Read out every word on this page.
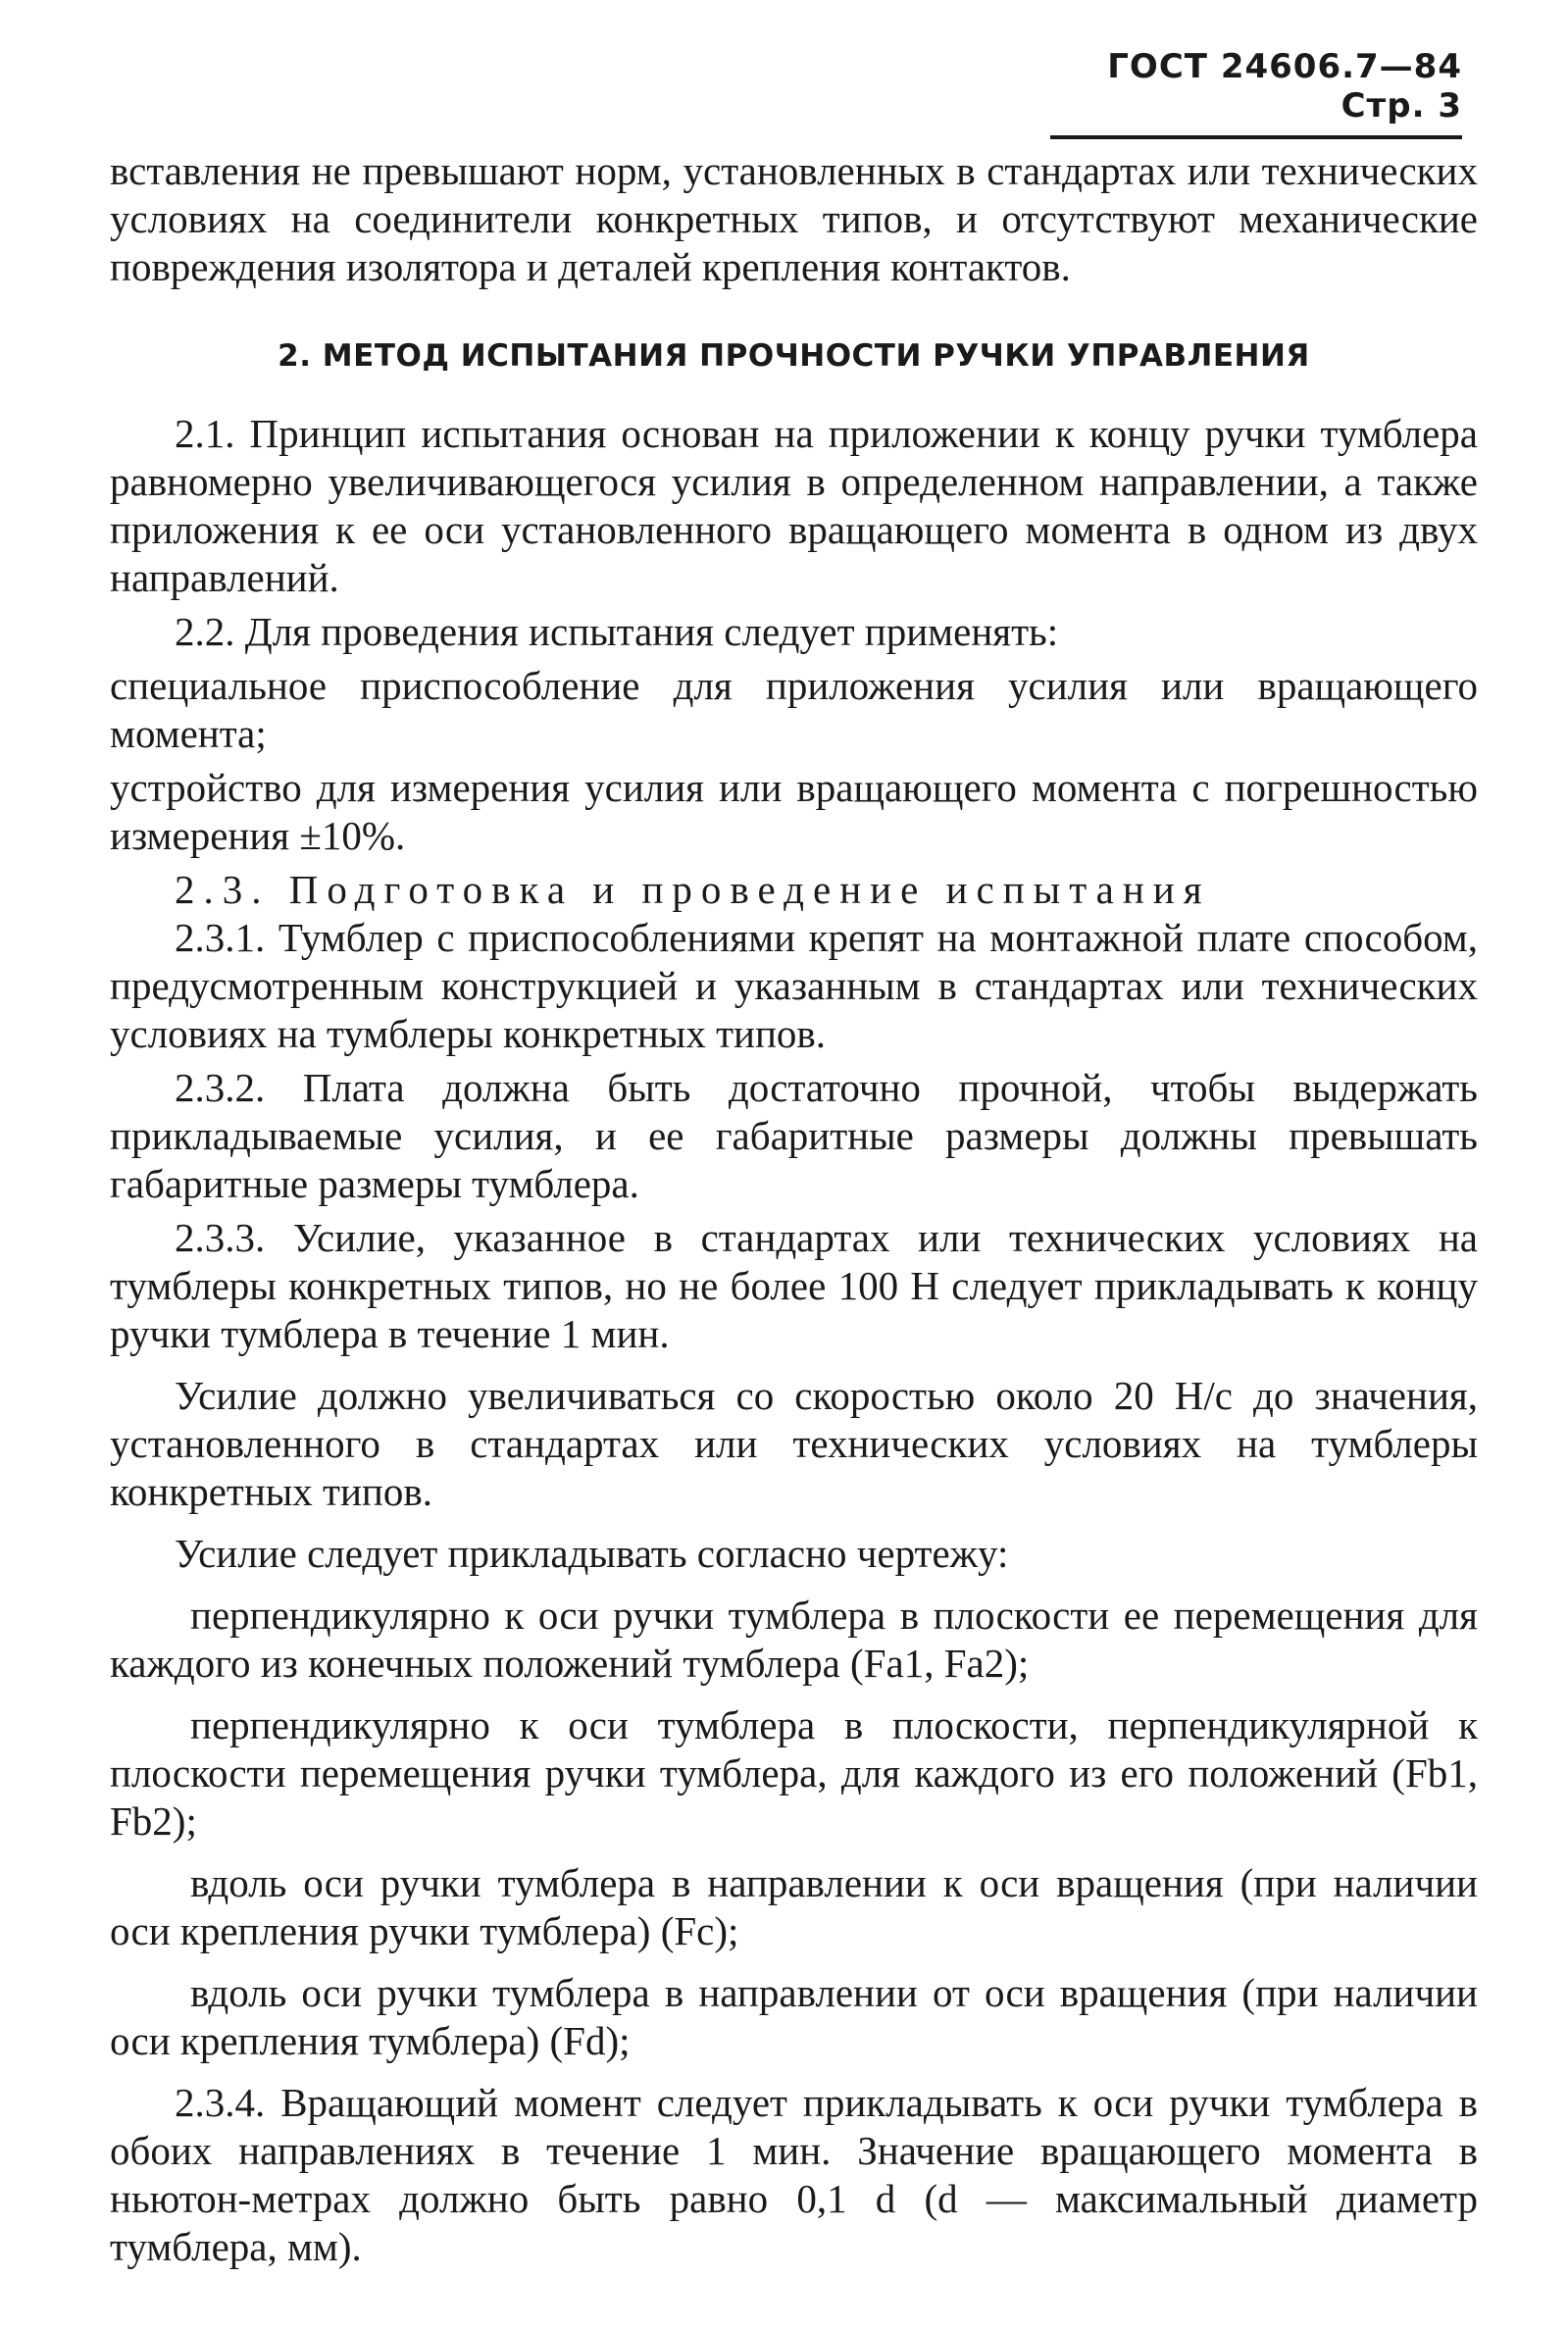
ГОСТ 24606.7—84 Стр. 3

вставления не превышают норм, установленных в стандартах или технических условиях на соединители конкретных типов, и отсутствуют механические повреждения изолятора и деталей крепления контактов.

2. МЕТОД ИСПЫТАНИЯ ПРОЧНОСТИ РУЧКИ УПРАВЛЕНИЯ

2.1. Принцип испытания основан на приложении к концу ручки тумблера равномерно увеличивающегося усилия в определенном направлении, а также приложения к ее оси установленного вращающего момента в одном из двух направлений.

2.2. Для проведения испытания следует применять:

специальное приспособление для приложения усилия или вращающего момента;

устройство для измерения усилия или вращающего момента с погрешностью измерения ±10%.

2.3. Подготовка и проведение испытания

2.3.1. Тумблер с приспособлениями крепят на монтажной плате способом, предусмотренным конструкцией и указанным в стандартах или технических условиях на тумблеры конкретных типов.

2.3.2. Плата должна быть достаточно прочной, чтобы выдержать прикладываемые усилия, и ее габаритные размеры должны превышать габаритные размеры тумблера.

2.3.3. Усилие, указанное в стандартах или технических условиях на тумблеры конкретных типов, но не более 100 Н следует прикладывать к концу ручки тумблера в течение 1 мин.

Усилие должно увеличиваться со скоростью около 20 Н/с до значения, установленного в стандартах или технических условиях на тумблеры конкретных типов.

Усилие следует прикладывать согласно чертежу:

перпендикулярно к оси ручки тумблера в плоскости ее перемещения для каждого из конечных положений тумблера (Fa1, Fa2);

перпендикулярно к оси тумблера в плоскости, перпендикулярной к плоскости перемещения ручки тумблера, для каждого из его положений (Fb1, Fb2);

вдоль оси ручки тумблера в направлении к оси вращения (при наличии оси крепления ручки тумблера) (Fc);

вдоль оси ручки тумблера в направлении от оси вращения (при наличии оси крепления тумблера) (Fd);

2.3.4. Вращающий момент следует прикладывать к оси ручки тумблера в обоих направлениях в течение 1 мин. Значение вращающего момента в ньютон-метрах должно быть равно 0,1 d (d — максимальный диаметр тумблера, мм).
